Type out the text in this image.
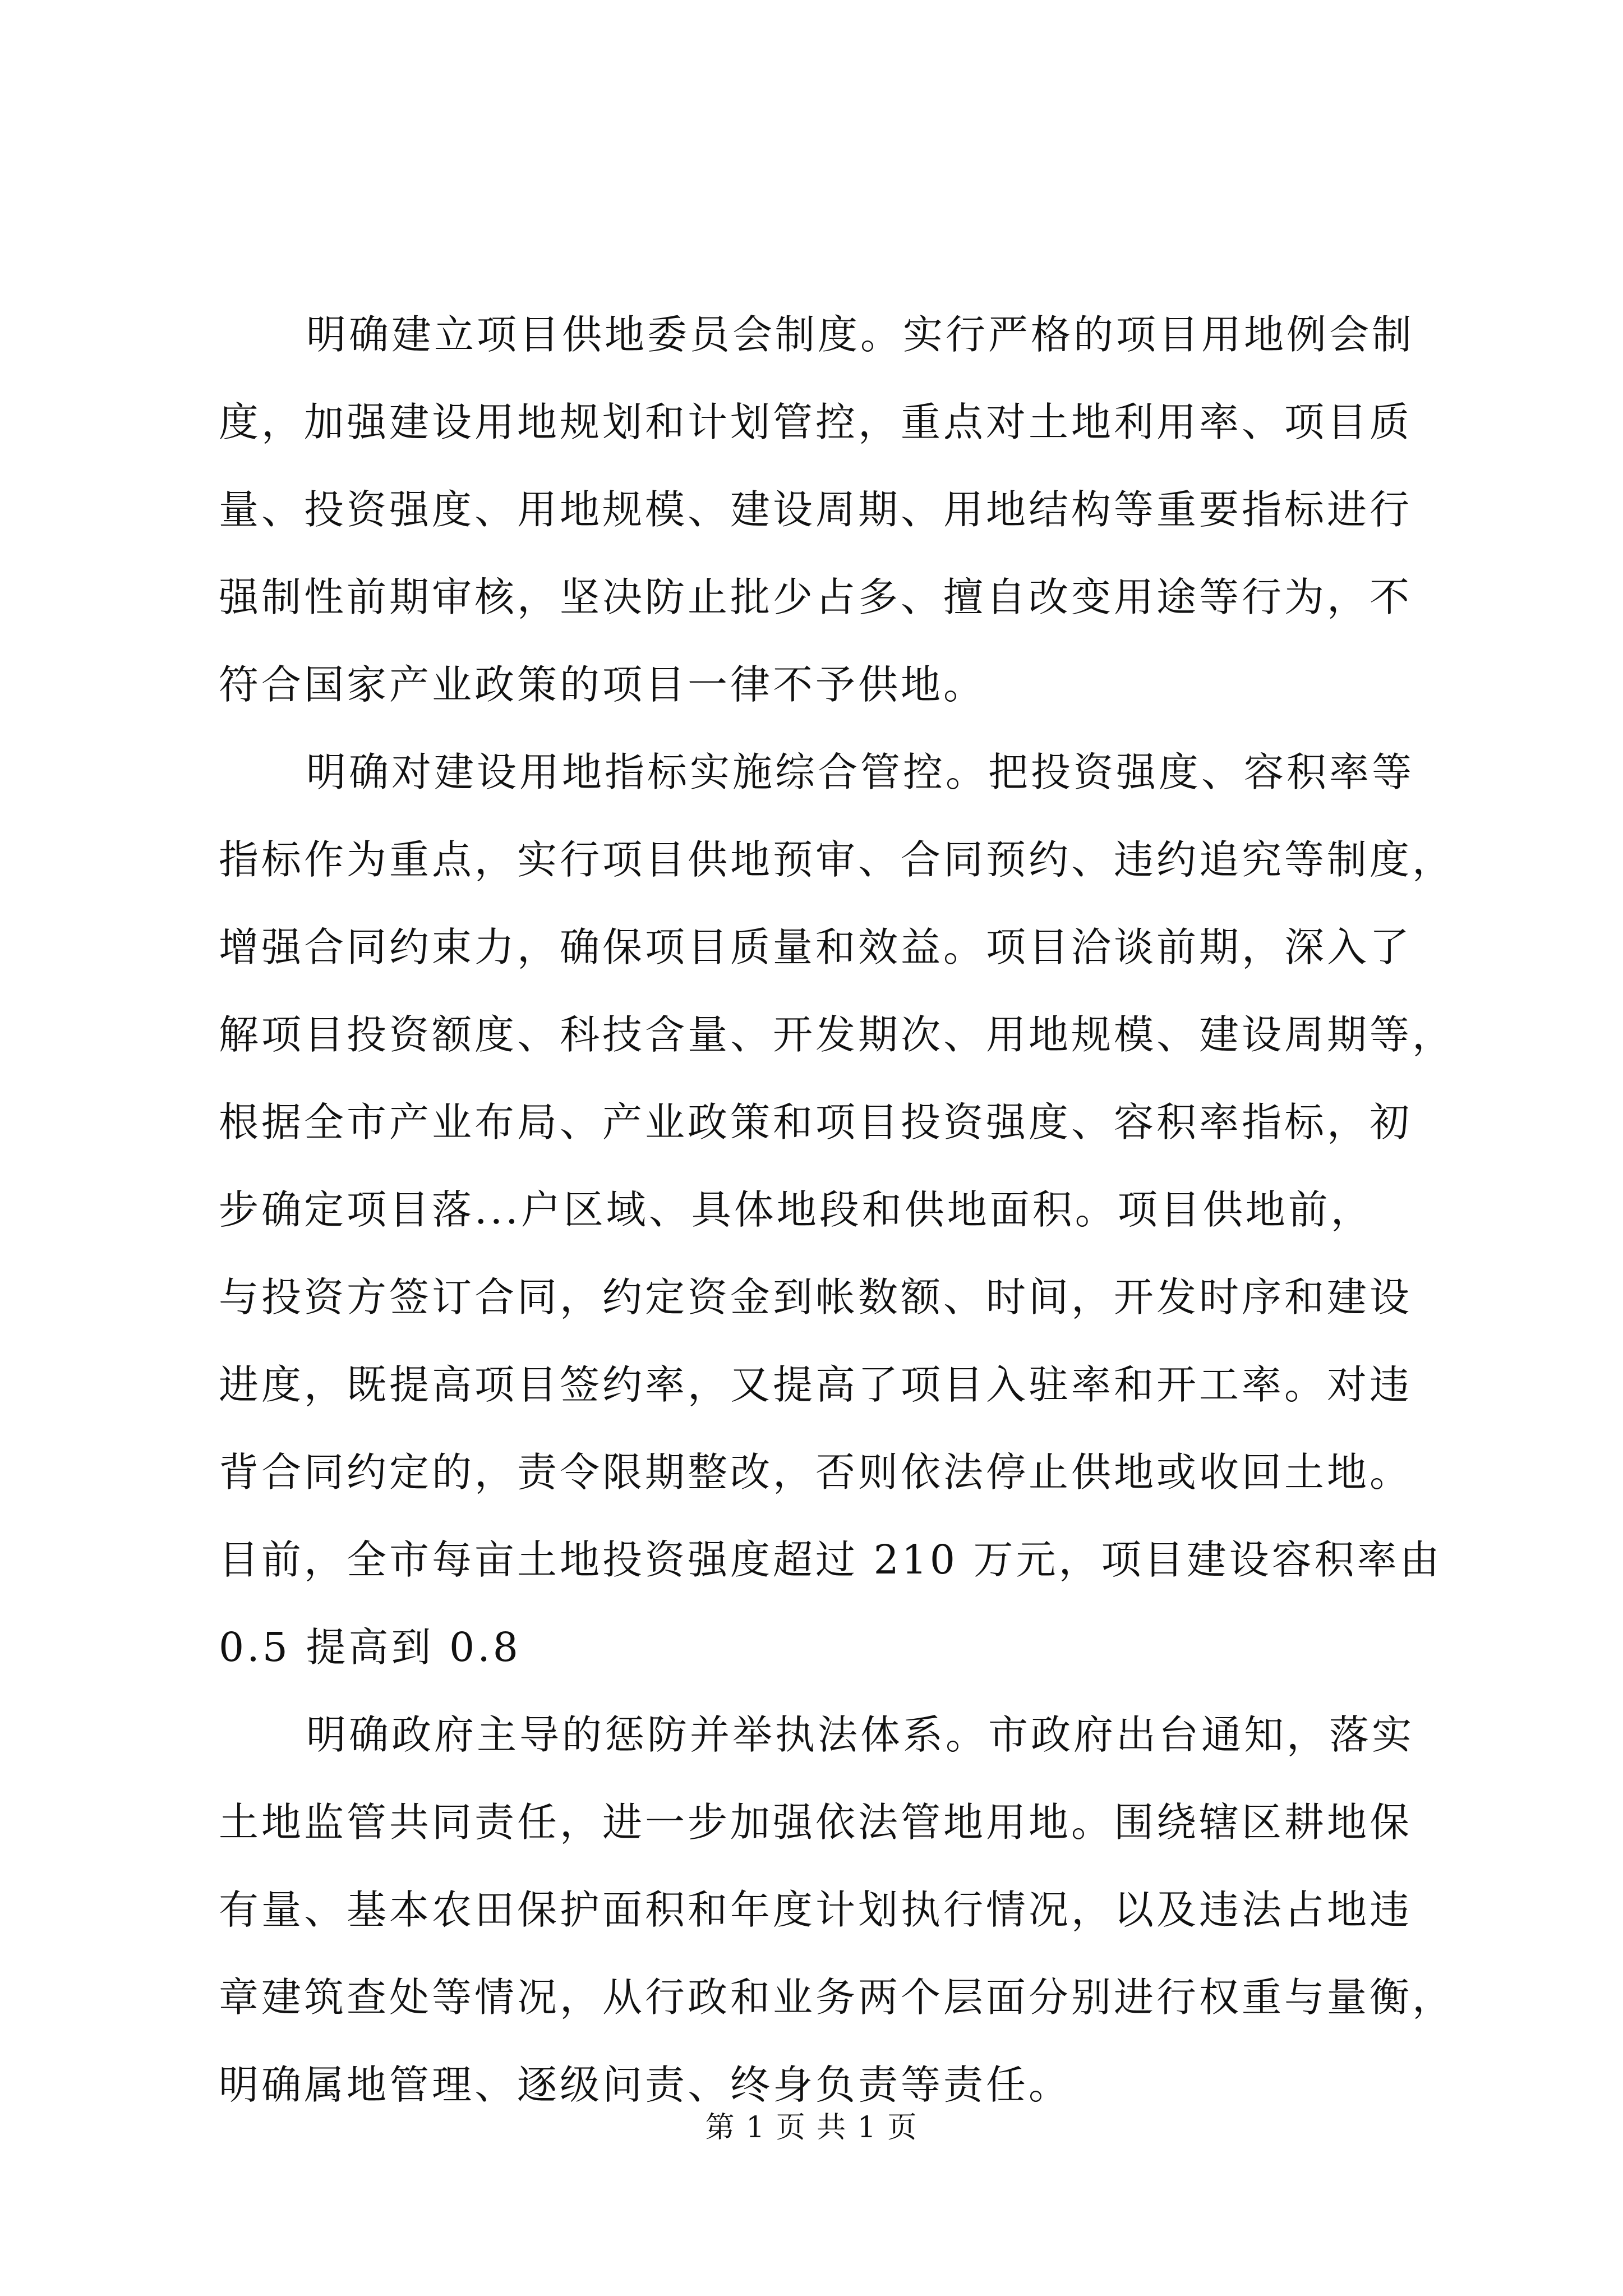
明确建立项目供地委员会制度。实行严格的项目用地例会制
度，加强建设用地规划和计划管控，重点对土地利用率、项目质
量、投资强度、用地规模、建设周期、用地结构等重要指标进行
强制性前期审核，坚决防止批少占多、擅自改变用途等行为，不
符合国家产业政策的项目一律不予供地。
明确对建设用地指标实施综合管控。把投资强度、容积率等
指标作为重点，实行项目供地预审、合同预约、违约追究等制度，
增强合同约束力，确保项目质量和效益。项目洽谈前期，深入了
解项目投资额度、科技含量、开发期次、用地规模、建设周期等，
根据全市产业布局、产业政策和项目投资强度、容积率指标，初
步确定项目落...户区域、具体地段和供地面积。项目供地前，
与投资方签订合同，约定资金到帐数额、时间，开发时序和建设
进度，既提高项目签约率，又提高了项目入驻率和开工率。对违
背合同约定的，责令限期整改，否则依法停止供地或收回土地。
目前，全市每亩土地投资强度超过 210 万元，项目建设容积率由
0.5 提高到 0.8
明确政府主导的惩防并举执法体系。市政府出台通知，落实
土地监管共同责任，进一步加强依法管地用地。围绕辖区耕地保
有量、基本农田保护面积和年度计划执行情况，以及违法占地违
章建筑查处等情况，从行政和业务两个层面分别进行权重与量衡，
明确属地管理、逐级问责、终身负责等责任。
第 1 页 共 1 页
